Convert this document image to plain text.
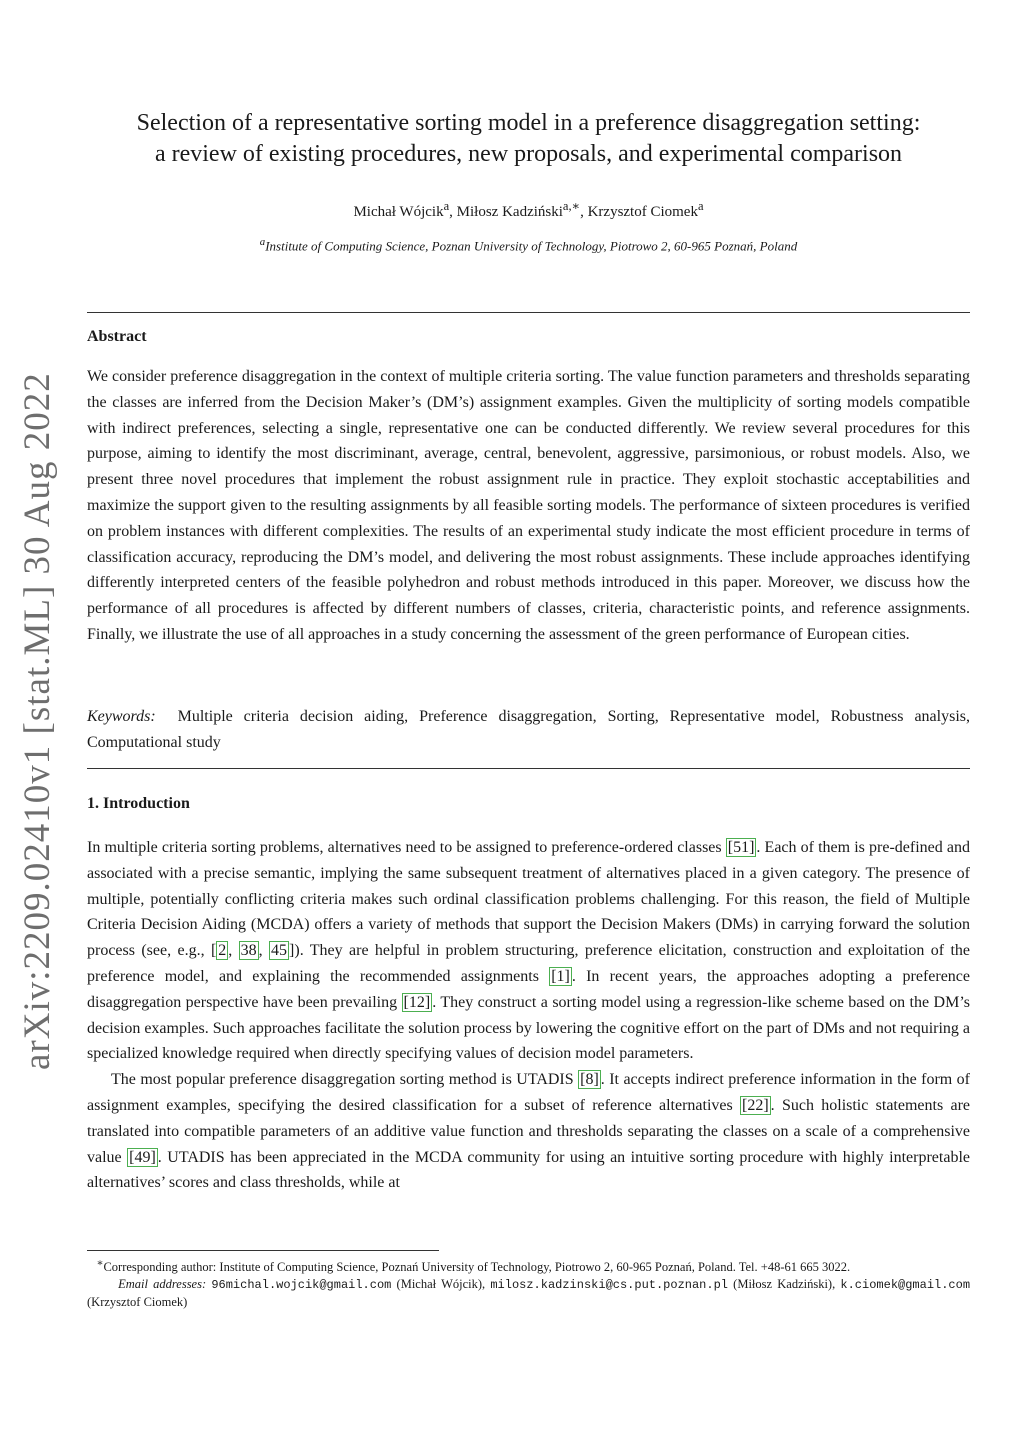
arXiv:2209.02410v1 [stat.ML] 30 Aug 2022
Selection of a representative sorting model in a preference disaggregation setting:
a review of existing procedures, new proposals, and experimental comparison
Michał Wójcik$^a$, Miłosz Kadziński$^{a,∗}$, Krzysztof Ciomek$^a$
$^a$Institute of Computing Science, Poznan University of Technology, Piotrowo 2, 60-965 Poznań, Poland
Abstract
We consider preference disaggregation in the context of multiple criteria sorting. The value function parameters and thresholds separating the classes are inferred from the Decision Maker’s (DM’s) assignment examples. Given the multiplicity of sorting models compatible with indirect preferences, selecting a single, representative one can be conducted differently. We review several procedures for this purpose, aiming to identify the most discriminant, average, central, benevolent, aggressive, parsimonious, or robust models. Also, we present three novel procedures that implement the robust assignment rule in practice. They exploit stochastic acceptabilities and maximize the support given to the resulting assignments by all feasible sorting models. The performance of sixteen procedures is verified on problem instances with different complexities. The results of an experimental study indicate the most efficient procedure in terms of classification accuracy, reproducing the DM’s model, and delivering the most robust assignments. These include approaches identifying differently interpreted centers of the feasible polyhedron and robust methods introduced in this paper. Moreover, we discuss how the performance of all procedures is affected by different numbers of classes, criteria, characteristic points, and reference assignments. Finally, we illustrate the use of all approaches in a study concerning the assessment of the green performance of European cities.
Keywords: Multiple criteria decision aiding, Preference disaggregation, Sorting, Representative model, Robustness analysis, Computational study
1. Introduction

In multiple criteria sorting problems, alternatives need to be assigned to preference-ordered classes [51] . Each of them is pre-defined and associated with a precise semantic, implying the same subsequent treatment of alternatives placed in a given category. The presence of multiple, potentially conflicting criteria makes such ordinal classification problems challenging. For this reason, the field of Multiple Criteria Decision Aiding (MCDA) offers a variety of methods that support the Decision Makers (DMs) in carrying forward the solution process (see, e.g., [ 2 , 38 , 45 ]). They are helpful in problem structuring, preference elicitation, construction and exploitation of the preference model, and explaining the recommended assignments [1] . In recent years, the approaches adopting a preference disaggregation perspective have been prevailing [12] . They construct a sorting model using a regression-like scheme based on the DM’s decision examples. Such approaches facilitate the solution process by lowering the cognitive effort on the part of DMs and not requiring a specialized knowledge required when directly specifying values of decision model parameters.

The most popular preference disaggregation sorting method is UTADIS [8] . It accepts indirect preference information in the form of assignment examples, specifying the desired classification for a subset of reference alternatives [22] . Such holistic statements are translated into compatible parameters of an additive value function and thresholds separating the classes on a scale of a comprehensive value [49] . UTADIS has been appreciated in the MCDA community for using an intuitive sorting procedure with highly interpretable alternatives’ scores and class thresholds, while at

∗Corresponding author: Institute of Computing Science, Poznań University of Technology, Piotrowo 2, 60-965 Poznań, Poland. Tel. +48-61 665 3022.

Email addresses: 96michal.wojcik@gmail.com (Michał Wójcik), milosz.kadzinski@cs.put.poznan.pl (Miłosz Kadziński), k.ciomek@gmail.com (Krzysztof Ciomek)
